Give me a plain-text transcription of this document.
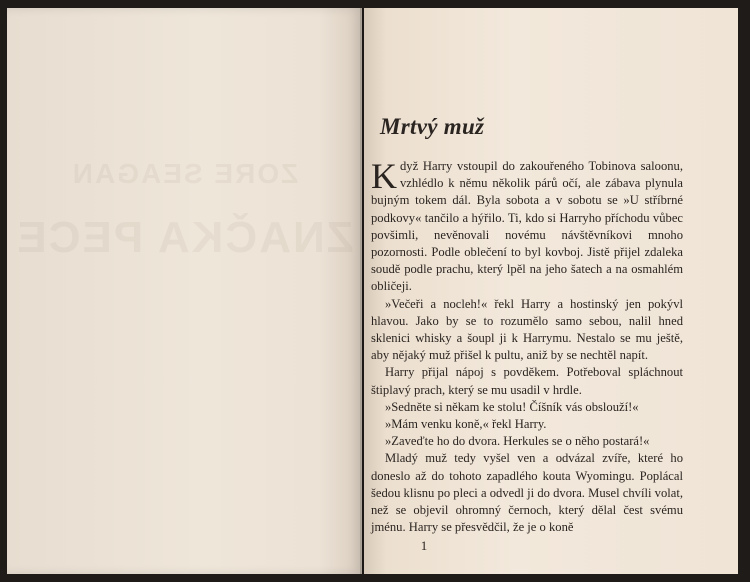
ZORE SEAGAN
ZNAČKA PECE
Mrtvý muž

Když Harry vstoupil do zakouřeného Tobinova saloonu, vzhlédlo k němu několik párů očí, ale zábava plynula bujným tokem dál. Byla sobota a v sobotu se »U stříbrné podkovy« tančilo a hýřilo. Ti, kdo si Harryho příchodu vůbec povšimli, nevěnovali novému návštěvníkovi mnoho pozornosti. Podle oblečení to byl kovboj. Jistě přijel zdaleka soudě podle prachu, který lpěl na jeho šatech a na osmahlém obličeji.

»Večeři a nocleh!« řekl Harry a hostinský jen pokývl hlavou. Jako by se to rozumělo samo sebou, nalil hned sklenici whisky a šoupl ji k Harrymu. Nestalo se mu ještě, aby nějaký muž přišel k pultu, aniž by se nechtěl napít.

Harry přijal nápoj s povděkem. Potřeboval spláchnout štiplavý prach, který se mu usadil v hrdle.

»Sedněte si někam ke stolu! Číšník vás obslouží!«

»Mám venku koně,« řekl Harry.

»Zaveďte ho do dvora. Herkules se o něho postará!«

Mladý muž tedy vyšel ven a odvázal zvíře, které ho doneslo až do tohoto zapadlého kouta Wyomingu. Poplácal šedou klisnu po pleci a odvedl ji do dvora. Musel chvíli volat, než se objevil ohromný černoch, který dělal čest svému jménu. Harry se přesvědčil, že je o koně

1
